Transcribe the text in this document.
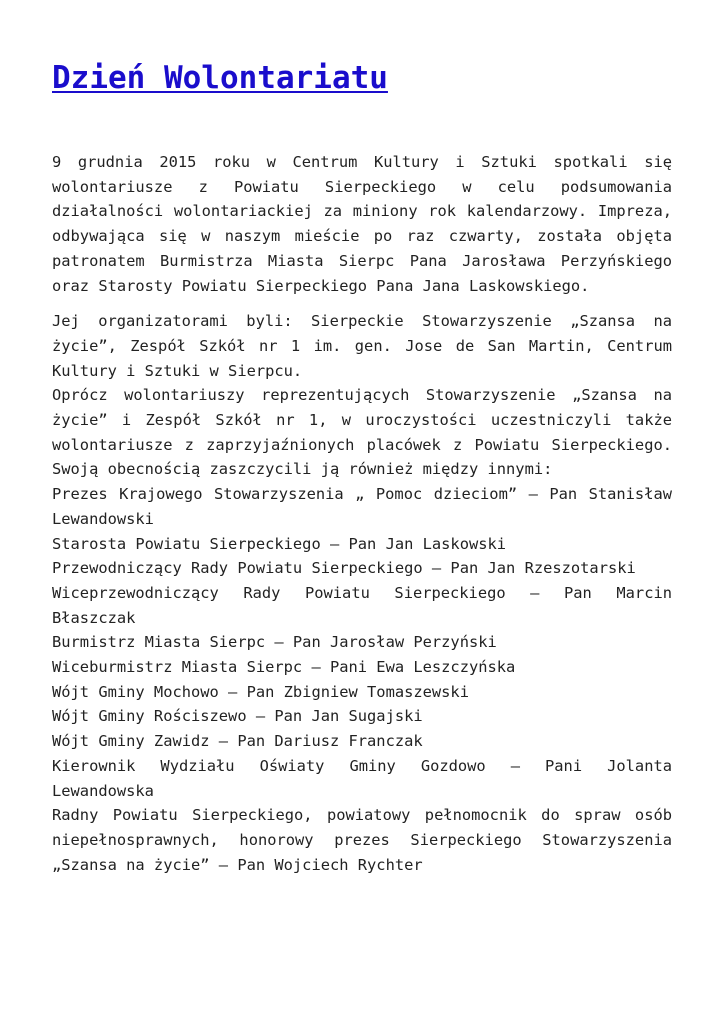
Dzień Wolontariatu

9 grudnia 2015 roku w Centrum Kultury i Sztuki spotkali się wolontariusze z Powiatu Sierpeckiego w celu podsumowania działalności wolontariackiej za miniony rok kalendarzowy. Impreza, odbywająca się w naszym mieście po raz czwarty, została objęta patronatem Burmistrza Miasta Sierpc Pana Jarosława Perzyńskiego oraz Starosty Powiatu Sierpeckiego Pana Jana Laskowskiego.

Jej organizatorami byli: Sierpeckie Stowarzyszenie „Szansa na życie”, Zespół Szkół nr 1 im. gen. Jose de San Martin, Centrum Kultury i Sztuki w Sierpcu.
Oprócz wolontariuszy reprezentujących Stowarzyszenie „Szansa na życie” i Zespół Szkół nr 1, w uroczystości uczestniczyli także wolontariusze z zaprzyjaźnionych placówek z Powiatu Sierpeckiego. Swoją obecnością zaszczycili ją również między innymi:
Prezes Krajowego Stowarzyszenia „ Pomoc dzieciom” – Pan Stanisław Lewandowski
Starosta Powiatu Sierpeckiego – Pan Jan Laskowski
Przewodniczący Rady Powiatu Sierpeckiego – Pan Jan Rzeszotarski
Wiceprzewodniczący Rady Powiatu Sierpeckiego – Pan Marcin Błaszczak
Burmistrz Miasta Sierpc – Pan Jarosław Perzyński
Wiceburmistrz Miasta Sierpc – Pani Ewa Leszczyńska
Wójt Gminy Mochowo – Pan Zbigniew Tomaszewski
Wójt Gminy Rościszewo – Pan Jan Sugajski
Wójt Gminy Zawidz – Pan Dariusz Franczak
Kierownik Wydziału Oświaty Gminy Gozdowo – Pani Jolanta Lewandowska
Radny Powiatu Sierpeckiego, powiatowy pełnomocnik do spraw osób niepełnosprawnych, honorowy prezes Sierpeckiego Stowarzyszenia „Szansa na życie” – Pan Wojciech Rychter
